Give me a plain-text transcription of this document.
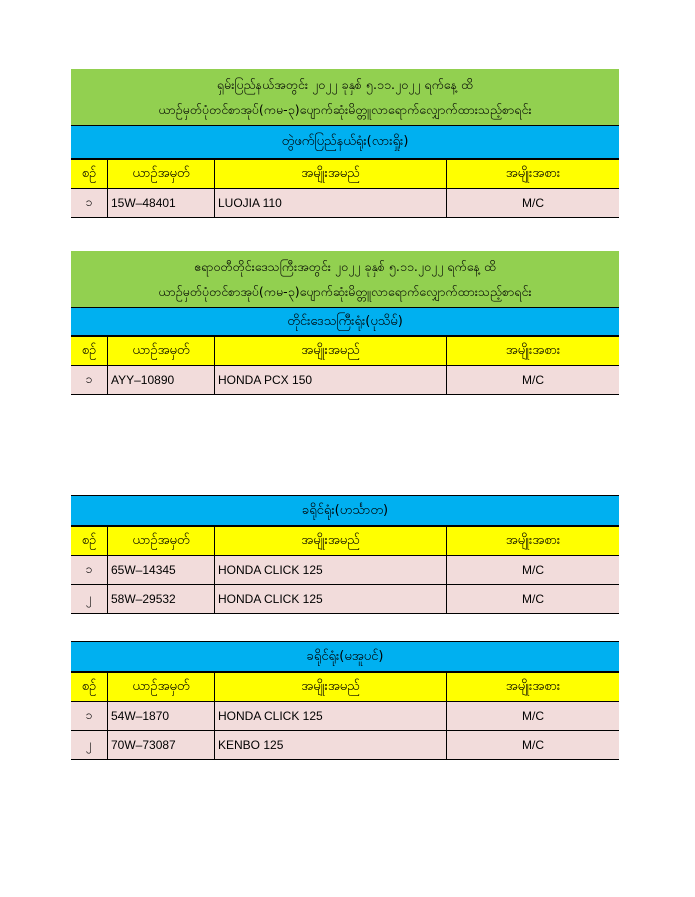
ရှမ်းပြည်နယ်အတွင်း ၂၀၂၂ ခုနှစ် ၅.၁၁.၂၀၂၂ ရက်နေ့ ထိ
ယာဉ်မှတ်ပုံတင်စာအုပ်(ကမ-၃)ပျောက်ဆုံးမိတ္တူလာရောက်လျှောက်ထားသည့်စာရင်း
တွဲဖက်ပြည်နယ်ရုံး(လားရှိုး)
စဉ်	ယာဉ်အမှတ်	အမျိုးအမည်	အမျိုးအစား
၁	15W–48401	LUOJIA 110	M/C
ဧရာဝတီတိုင်းဒေသကြီးအတွင်း ၂၀၂၂ ခုနှစ် ၅.၁၁.၂၀၂၂ ရက်နေ့ ထိ
ယာဉ်မှတ်ပုံတင်စာအုပ်(ကမ-၃)ပျောက်ဆုံးမိတ္တူလာရောက်လျှောက်ထားသည့်စာရင်း
တိုင်းဒေသကြီးရုံး(ပုသိမ်)
စဉ်	ယာဉ်အမှတ်	အမျိုးအမည်	အမျိုးအစား
၁	AYY–10890	HONDA PCX 150	M/C
ခရိုင်ရုံး(ဟင်္သာတ)
စဉ်	ယာဉ်အမှတ်	အမျိုးအမည်	အမျိုးအစား
၁	65W–14345	HONDA CLICK 125	M/C
၂	58W–29532	HONDA CLICK 125	M/C
ခရိုင်ရုံး(မအူပင်)
စဉ်	ယာဉ်အမှတ်	အမျိုးအမည်	အမျိုးအစား
၁	54W–1870	HONDA CLICK 125	M/C
၂	70W–73087	KENBO 125	M/C
